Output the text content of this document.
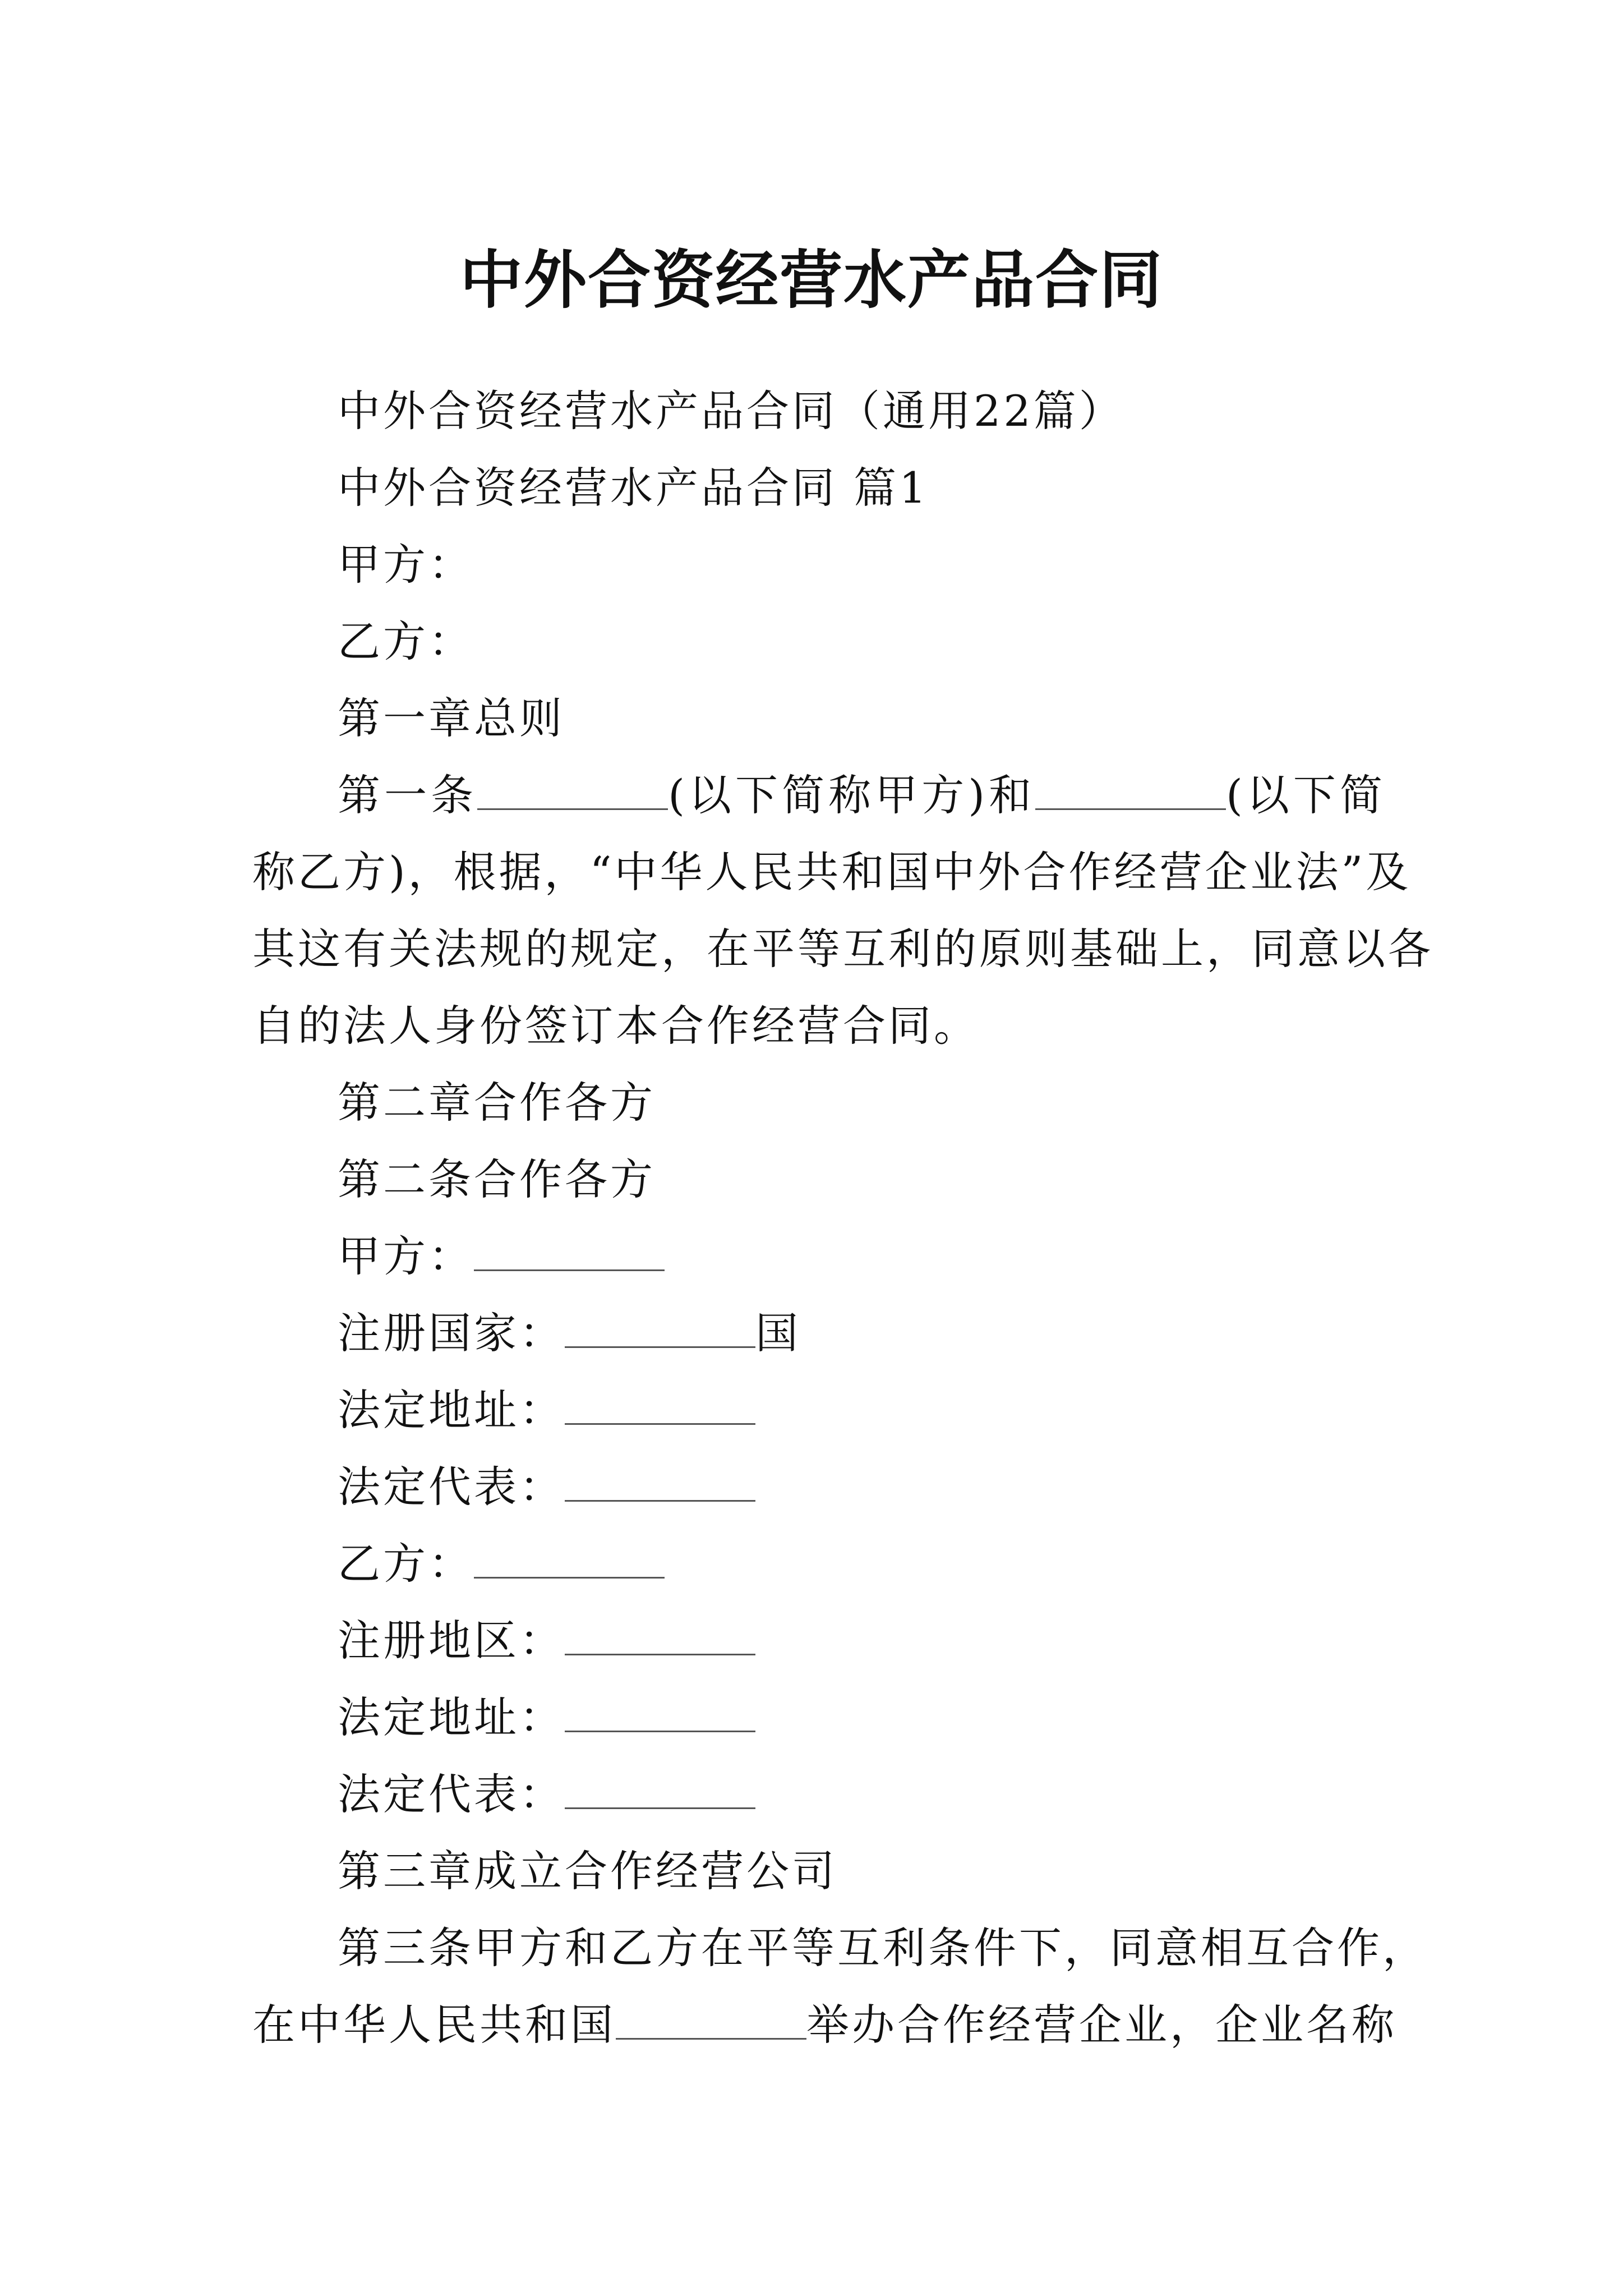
中外合资经营水产品合同

中外合资经营水产品合同（通用22篇）

中外合资经营水产品合同 篇1

甲方：

乙方：

第一章总则

第一条	(以下简称甲方)和	(以下简

称乙方)，根据，“中华人民共和国中外合作经营企业法”及

其这有关法规的规定，在平等互利的原则基础上，同意以各

自的法人身份签订本合作经营合同。

第二章合作各方

第二条合作各方

甲方：

注册国家：	国

法定地址：

法定代表：

乙方：

注册地区：

法定地址：

法定代表：

第三章成立合作经营公司

第三条甲方和乙方在平等互利条件下，同意相互合作，

在中华人民共和国	举办合作经营企业，企业名称
